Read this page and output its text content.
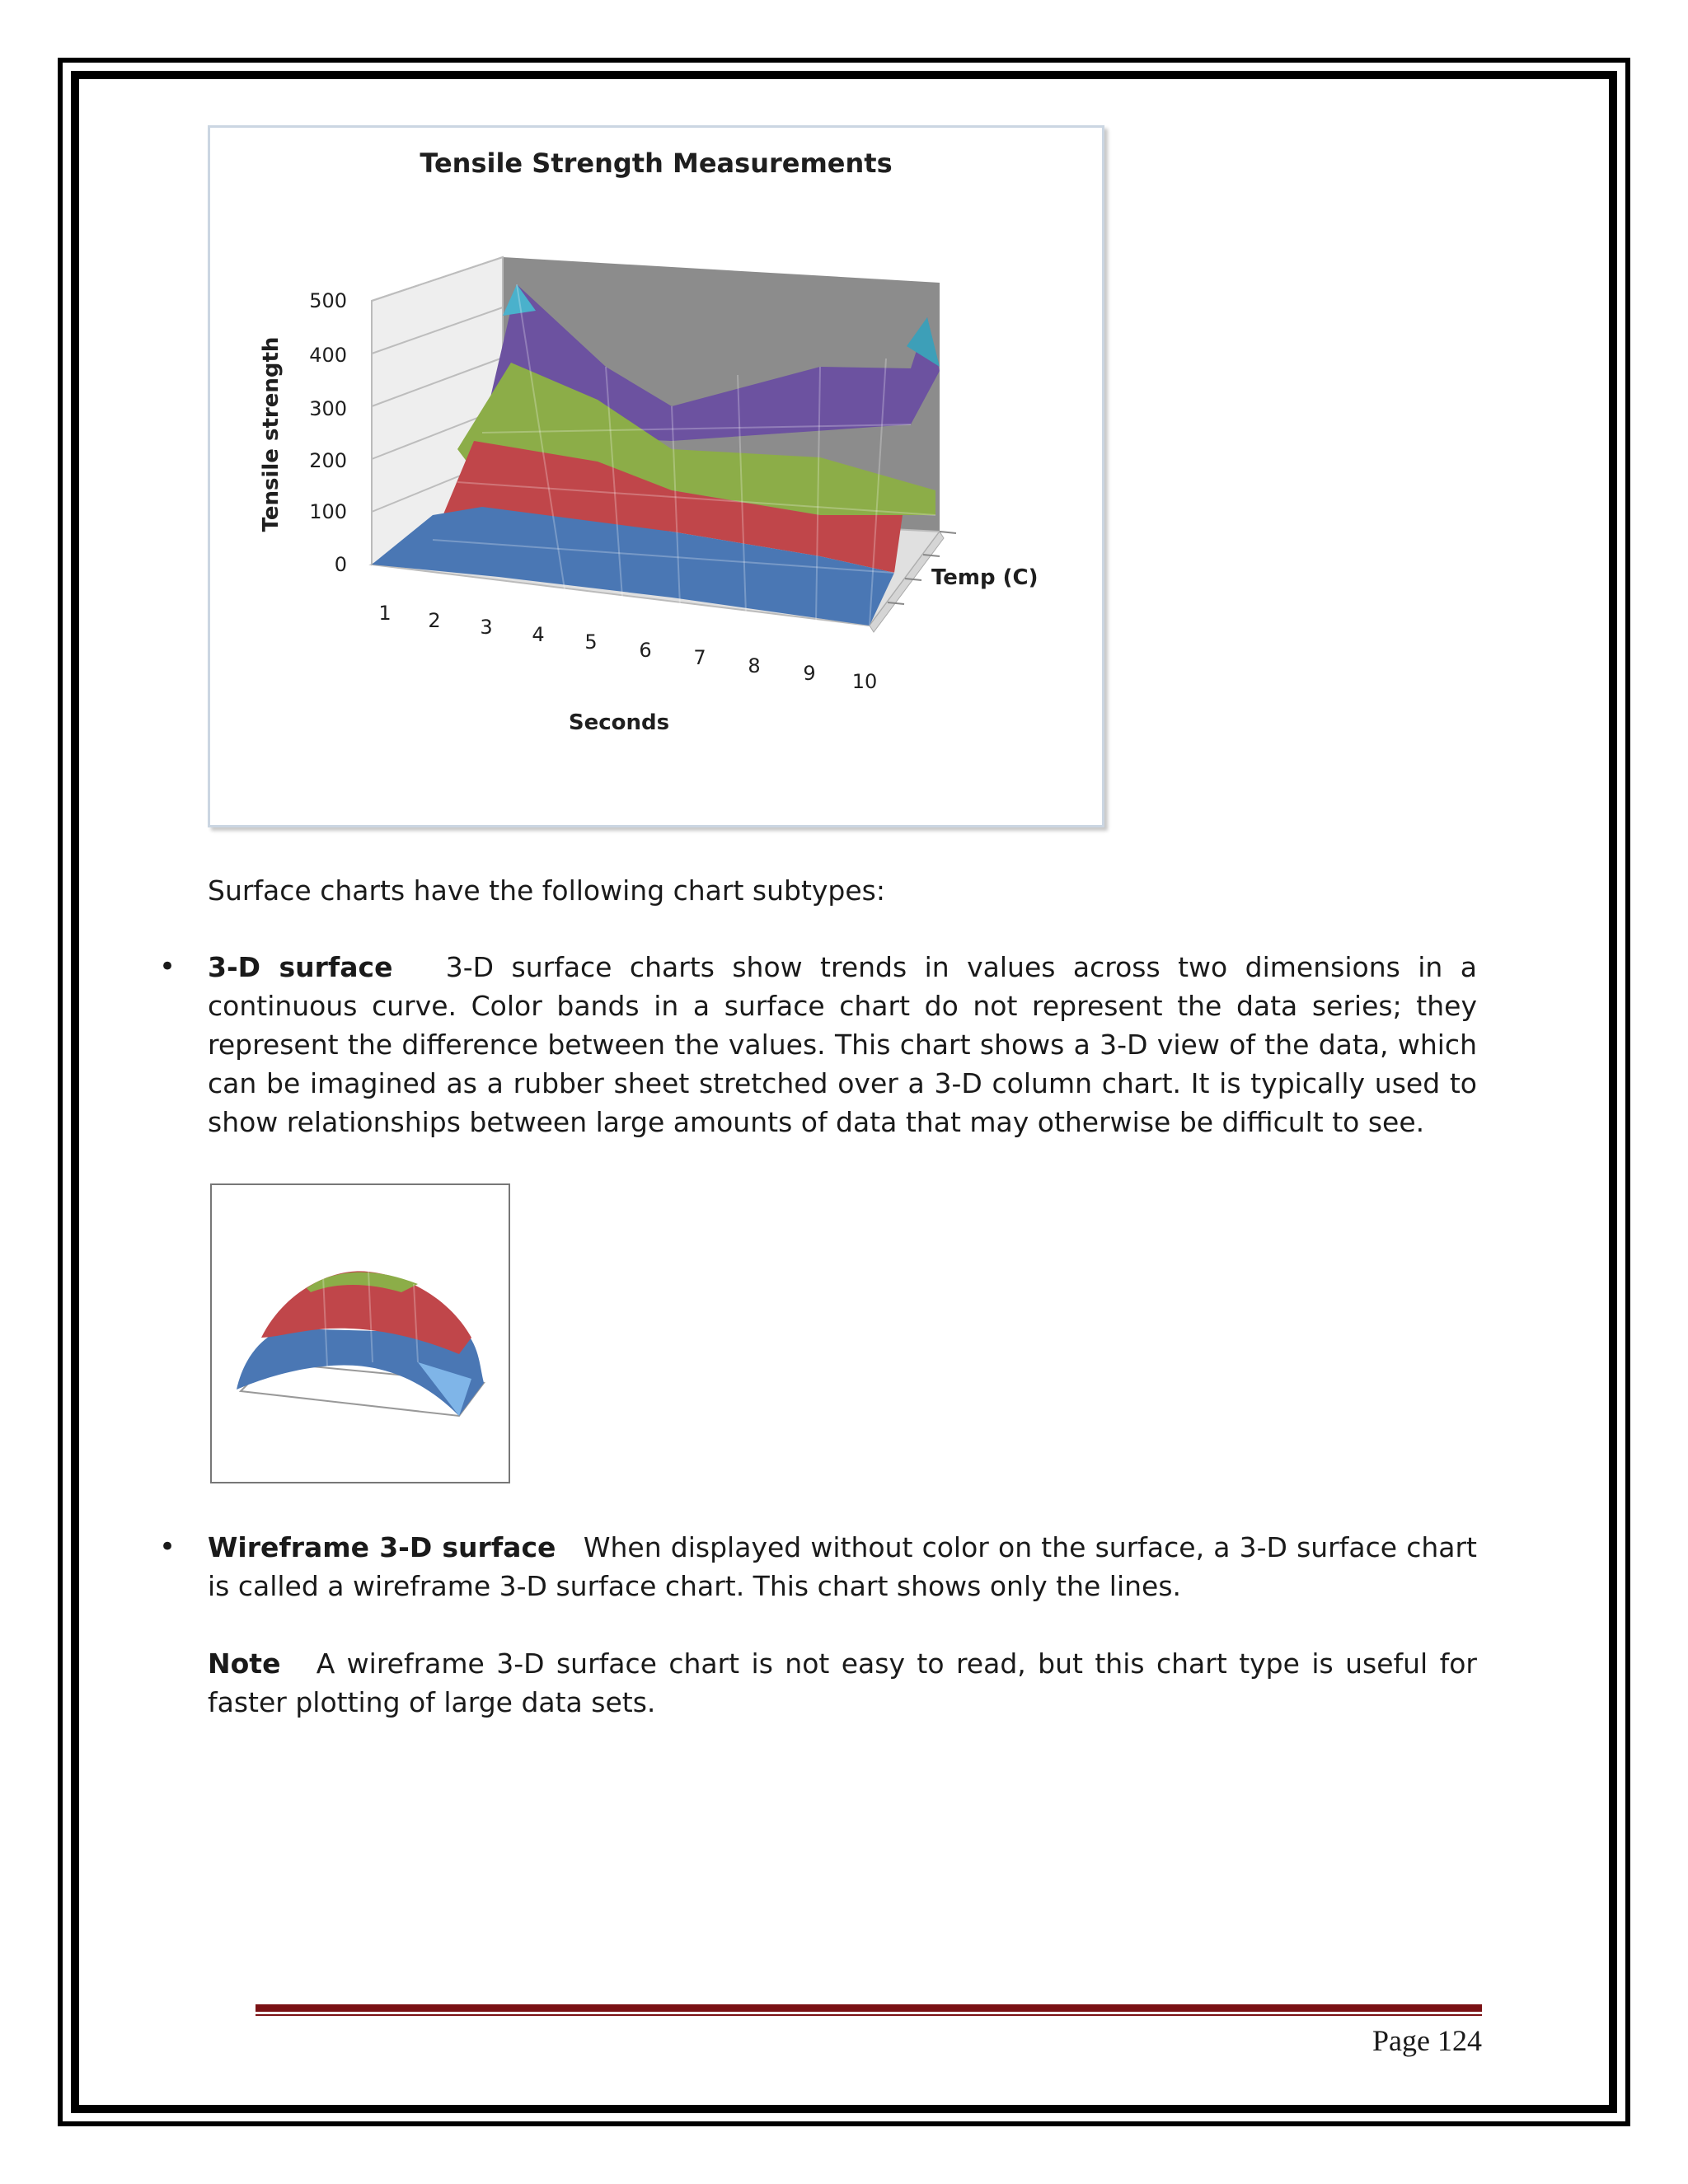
Tensile Strength Measurements
Tensile strength
Seconds
Temp (C)
500
400
300
200
100
0
1 2 3 4 5 6 7 8 9 10
Surface charts have the following chart subtypes:
• 3-D surface 3-D surface charts show trends in values across two dimensions in a continuous curve. Color bands in a surface chart do not represent the data series; they represent the difference between the values. This chart shows a 3-D view of the data, which can be imagined as a rubber sheet stretched over a 3-D column chart. It is typically used to show relationships between large amounts of data that may otherwise be difficult to see.
• Wireframe 3-D surface When displayed without color on the surface, a 3-D surface chart is called a wireframe 3-D surface chart. This chart shows only the lines.
Note A wireframe 3-D surface chart is not easy to read, but this chart type is useful for faster plotting of large data sets.
Page 124
